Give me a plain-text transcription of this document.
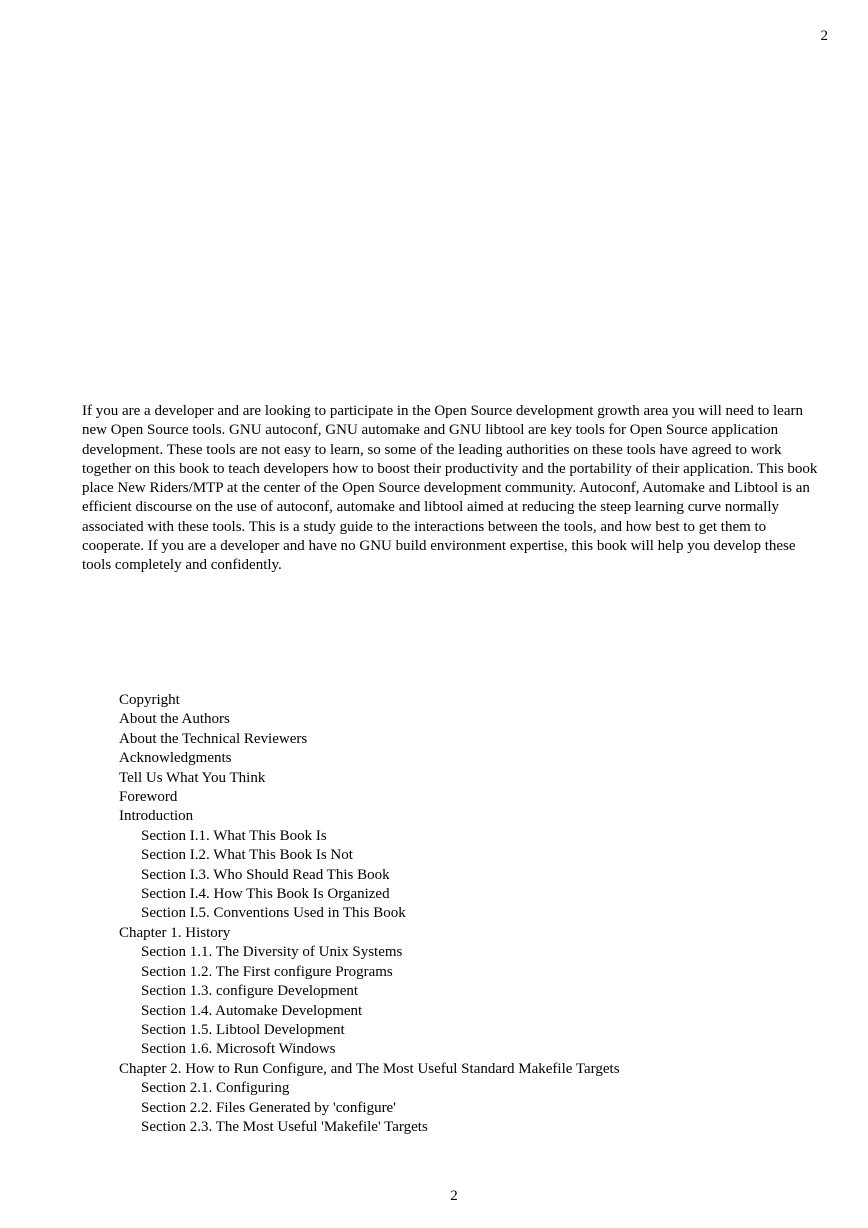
2

If you are a developer and are looking to participate in the Open Source development growth area you will need to learn new Open Source tools. GNU autoconf, GNU automake and GNU libtool are key tools for Open Source application development. These tools are not easy to learn, so some of the leading authorities on these tools have agreed to work together on this book to teach developers how to boost their productivity and the portability of their application. This book place New Riders/MTP at the center of the Open Source development community. Autoconf, Automake and Libtool is an efficient discourse on the use of autoconf, automake and libtool aimed at reducing the steep learning curve normally associated with these tools. This is a study guide to the interactions between the tools, and how best to get them to cooperate. If you are a developer and have no GNU build environment expertise, this book will help you develop these tools completely and confidently.

Copyright
About the Authors
About the Technical Reviewers
Acknowledgments
Tell Us What You Think
Foreword
Introduction
Section I.1. What This Book Is
Section I.2. What This Book Is Not
Section I.3. Who Should Read This Book
Section I.4. How This Book Is Organized
Section I.5. Conventions Used in This Book
Chapter 1. History
Section 1.1. The Diversity of Unix Systems
Section 1.2. The First configure Programs
Section 1.3. configure Development
Section 1.4. Automake Development
Section 1.5. Libtool Development
Section 1.6. Microsoft Windows
Chapter 2. How to Run Configure, and The Most Useful Standard Makefile Targets
Section 2.1. Configuring
Section 2.2. Files Generated by 'configure'
Section 2.3. The Most Useful 'Makefile' Targets
2
